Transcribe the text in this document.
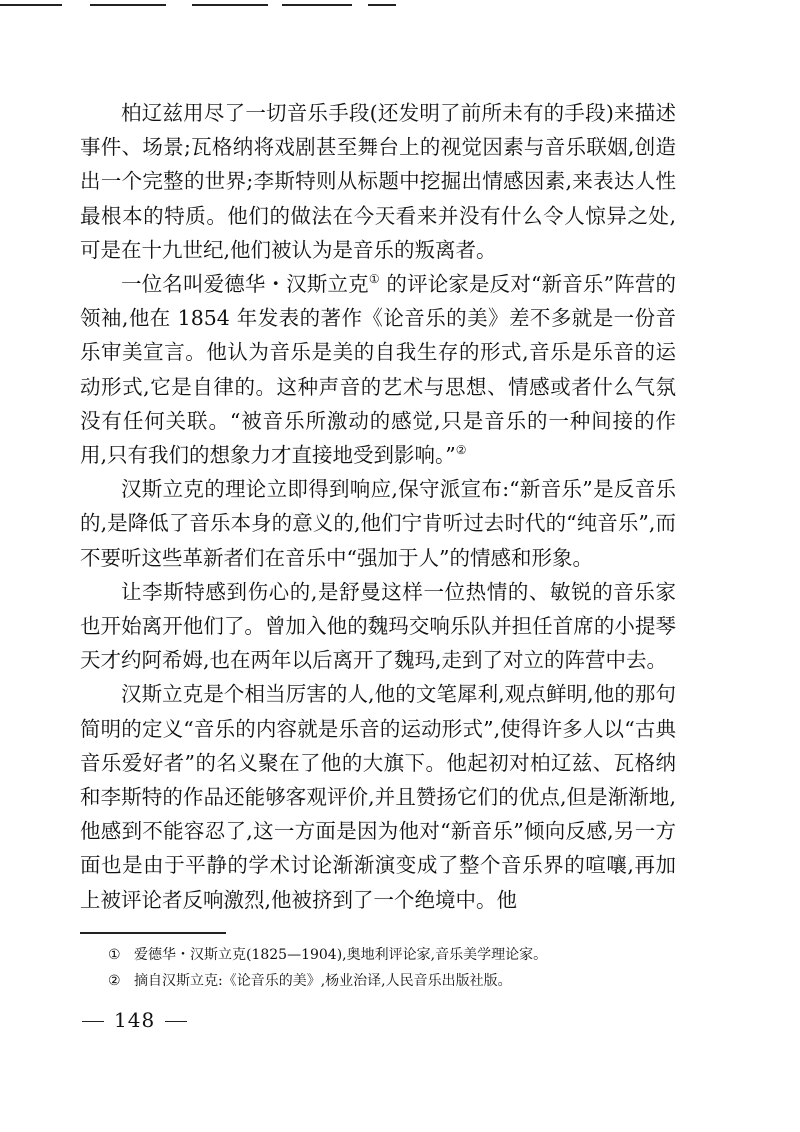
柏辽兹用尽了一切音乐手段(还发明了前所未有的手段)来描述事件、场景;瓦格纳将戏剧甚至舞台上的视觉因素与音乐联姻,创造出一个完整的世界;李斯特则从标题中挖掘出情感因素,来表达人性最根本的特质。他们的做法在今天看来并没有什么令人惊异之处,可是在十九世纪,他们被认为是音乐的叛离者。

一位名叫爱德华・汉斯立克① 的评论家是反对“新音乐”阵营的领袖,他在 1854 年发表的著作《论音乐的美》差不多就是一份音乐审美宣言。他认为音乐是美的自我生存的形式,音乐是乐音的运动形式,它是自律的。这种声音的艺术与思想、情感或者什么气氛没有任何关联。“被音乐所激动的感觉,只是音乐的一种间接的作用,只有我们的想象力才直接地受到影响。”②

汉斯立克的理论立即得到响应,保守派宣布:“新音乐”是反音乐的,是降低了音乐本身的意义的,他们宁肯听过去时代的“纯音乐”,而不要听这些革新者们在音乐中“强加于人”的情感和形象。

让李斯特感到伤心的,是舒曼这样一位热情的、敏锐的音乐家也开始离开他们了。曾加入他的魏玛交响乐队并担任首席的小提琴天才约阿希姆,也在两年以后离开了魏玛,走到了对立的阵营中去。

汉斯立克是个相当厉害的人,他的文笔犀利,观点鲜明,他的那句简明的定义“音乐的内容就是乐音的运动形式”,使得许多人以“古典音乐爱好者”的名义聚在了他的大旗下。他起初对柏辽兹、瓦格纳和李斯特的作品还能够客观评价,并且赞扬它们的优点,但是渐渐地,他感到不能容忍了,这一方面是因为他对“新音乐”倾向反感,另一方面也是由于平静的学术讨论渐渐演变成了整个音乐界的喧嚷,再加上被评论者反响激烈,他被挤到了一个绝境中。他

① 爱德华・汉斯立克(1825—1904),奥地利评论家,音乐美学理论家。
② 摘自汉斯立克:《论音乐的美》,杨业治译,人民音乐出版社版。
148
